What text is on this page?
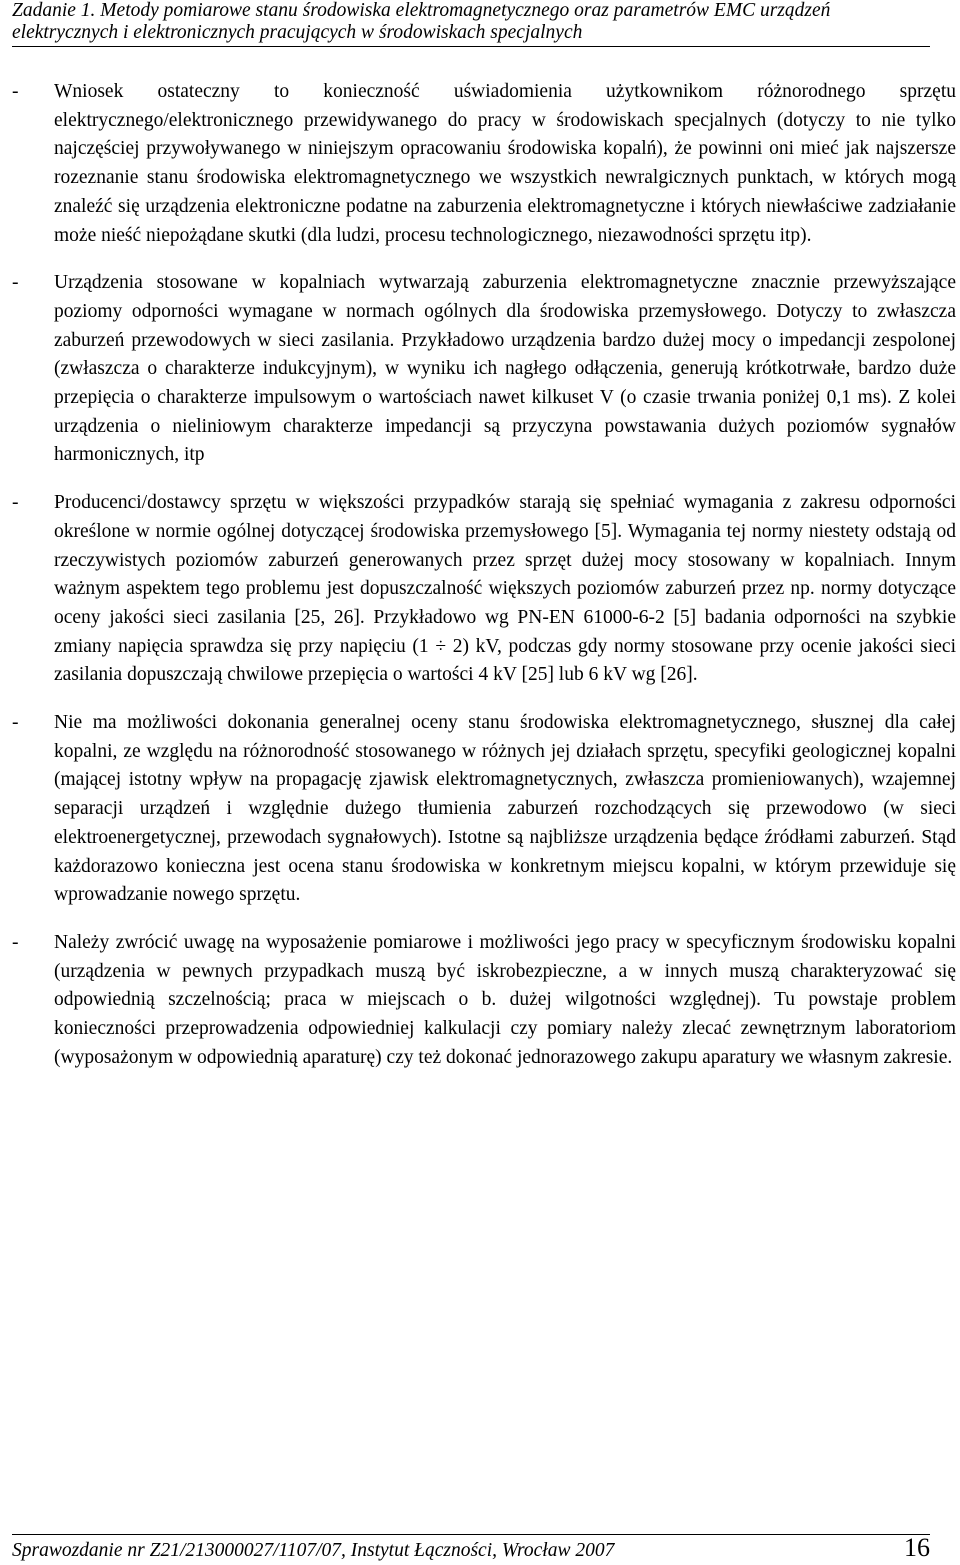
Zadanie 1. Metody pomiarowe stanu środowiska elektromagnetycznego oraz parametrów EMC urządzeń elektrycznych i elektronicznych pracujących w środowiskach specjalnych
-	Wniosek ostateczny to konieczność uświadomienia użytkownikom różnorodnego sprzętu elektrycznego/elektronicznego przewidywanego do pracy w środowiskach specjalnych (dotyczy to nie tylko najczęściej przywoływanego w niniejszym opracowaniu środowiska kopalń), że powinni oni mieć jak najszersze rozeznanie stanu środowiska elektromagnetycznego we wszystkich newralgicznych punktach, w których mogą znaleźć się urządzenia elektroniczne podatne na zaburzenia elektromagnetyczne i których niewłaściwe zadziałanie może nieść niepożądane skutki (dla ludzi, procesu technologicznego, niezawodności sprzętu itp).
-	Urządzenia stosowane w kopalniach wytwarzają zaburzenia elektromagnetyczne znacznie przewyższające poziomy odporności wymagane w normach ogólnych dla środowiska przemysłowego. Dotyczy to zwłaszcza zaburzeń przewodowych w sieci zasilania. Przykładowo urządzenia bardzo dużej mocy o impedancji zespolonej (zwłaszcza o charakterze indukcyjnym), w wyniku ich nagłego odłączenia, generują krótkotrwałe, bardzo duże przepięcia o charakterze impulsowym o wartościach nawet kilkuset V (o czasie trwania poniżej 0,1 ms). Z kolei urządzenia o nieliniowym charakterze impedancji są przyczyna powstawania dużych poziomów sygnałów harmonicznych, itp
-	Producenci/dostawcy sprzętu w większości przypadków starają się spełniać wymagania z zakresu odporności określone w normie ogólnej dotyczącej środowiska przemysłowego [5]. Wymagania tej normy niestety odstają od rzeczywistych poziomów zaburzeń generowanych przez sprzęt dużej mocy stosowany w kopalniach. Innym ważnym aspektem tego problemu jest dopuszczalność większych poziomów zaburzeń przez np. normy dotyczące oceny jakości sieci zasilania [25, 26]. Przykładowo wg PN-EN 61000-6-2 [5] badania odporności na szybkie zmiany napięcia sprawdza się przy napięciu (1 ÷ 2) kV, podczas gdy normy stosowane przy ocenie jakości sieci zasilania dopuszczają chwilowe przepięcia o wartości 4 kV [25] lub 6 kV wg [26].
-	Nie ma możliwości dokonania generalnej oceny stanu środowiska elektromagnetycznego, słusznej dla całej kopalni, ze względu na różnorodność stosowanego w różnych jej działach sprzętu, specyfiki geologicznej kopalni (mającej istotny wpływ na propagację zjawisk elektromagnetycznych, zwłaszcza promieniowanych), wzajemnej separacji urządzeń i względnie dużego tłumienia zaburzeń rozchodzących się przewodowo (w sieci elektroenergetycznej, przewodach sygnałowych). Istotne są najbliższe urządzenia będące źródłami zaburzeń. Stąd każdorazowo konieczna jest ocena stanu środowiska w konkretnym miejscu kopalni, w którym przewiduje się wprowadzanie nowego sprzętu.
-	Należy zwrócić uwagę na wyposażenie pomiarowe i możliwości jego pracy w specyficznym środowisku kopalni (urządzenia w pewnych przypadkach muszą być iskrobezpieczne, a w innych muszą charakteryzować się odpowiednią szczelnością; praca w miejscach o b. dużej wilgotności względnej). Tu powstaje problem konieczności przeprowadzenia odpowiedniej kalkulacji czy pomiary należy zlecać zewnętrznym laboratoriom (wyposażonym w odpowiednią aparaturę) czy też dokonać jednorazowego zakupu aparatury we własnym zakresie.
Sprawozdanie nr Z21/213000027/1107/07, Instytut Łączności, Wrocław 2007	16
